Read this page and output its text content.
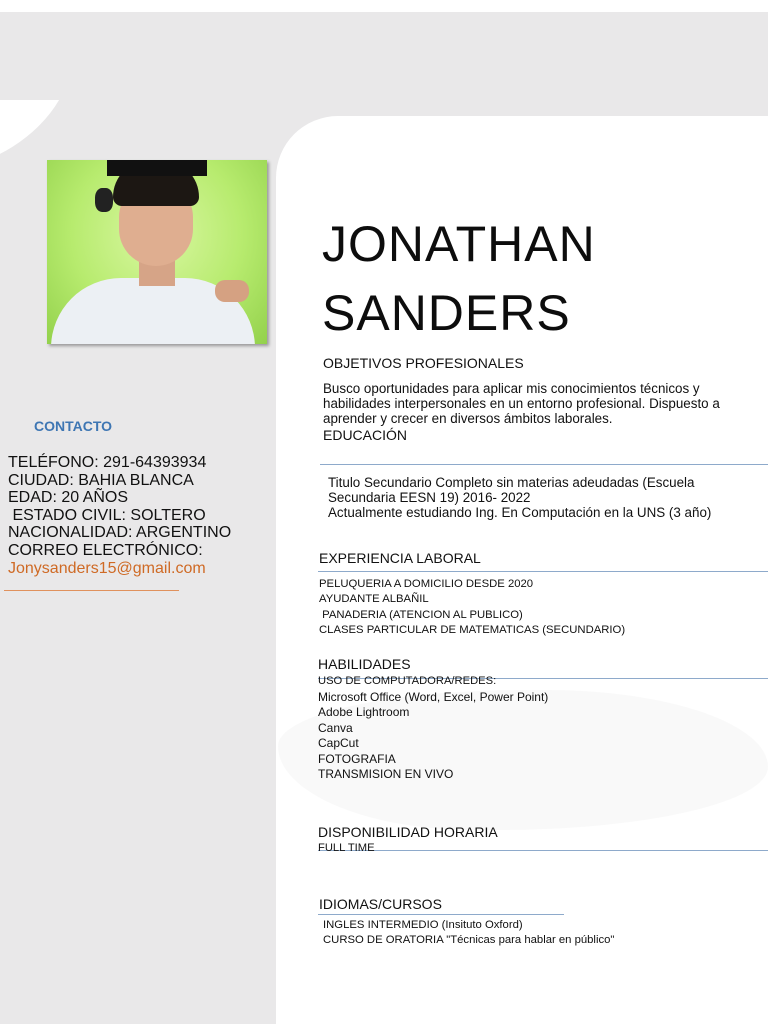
CONTACTO
TELÉFONO: 291-64393934
CIUDAD: BAHIA BLANCA
EDAD: 20 AÑOS
ESTADO CIVIL: SOLTERO
NACIONALIDAD: ARGENTINO
CORREO ELECTRÓNICO:
Jonysanders15@gmail.com
JONATHAN
SANDERS
OBJETIVOS PROFESIONALES

Busco oportunidades para aplicar mis conocimientos técnicos y habilidades interpersonales en un entorno profesional. Dispuesto a aprender y crecer en diversos ámbitos laborales.

EDUCACIÓN
Titulo Secundario Completo sin materias adeudadas (Escuela
Secundaria EESN 19) 2016- 2022
Actualmente estudiando Ing. En Computación en la UNS (3 año)
EXPERIENCIA LABORAL
PELUQUERIA A DOMICILIO DESDE 2020
AYUDANTE ALBAÑIL
PANADERIA (ATENCION AL PUBLICO)
CLASES PARTICULAR DE MATEMATICAS (SECUNDARIO)
HABILIDADES
USO DE COMPUTADORA/REDES:
Microsoft Office (Word, Excel, Power Point)
Adobe Lightroom
Canva
CapCut
FOTOGRAFIA
TRANSMISION EN VIVO
DISPONIBILIDAD HORARIA

FULL TIME

IDIOMAS/CURSOS
INGLES INTERMEDIO (Insituto Oxford)
CURSO DE ORATORIA "Técnicas para hablar en público"
